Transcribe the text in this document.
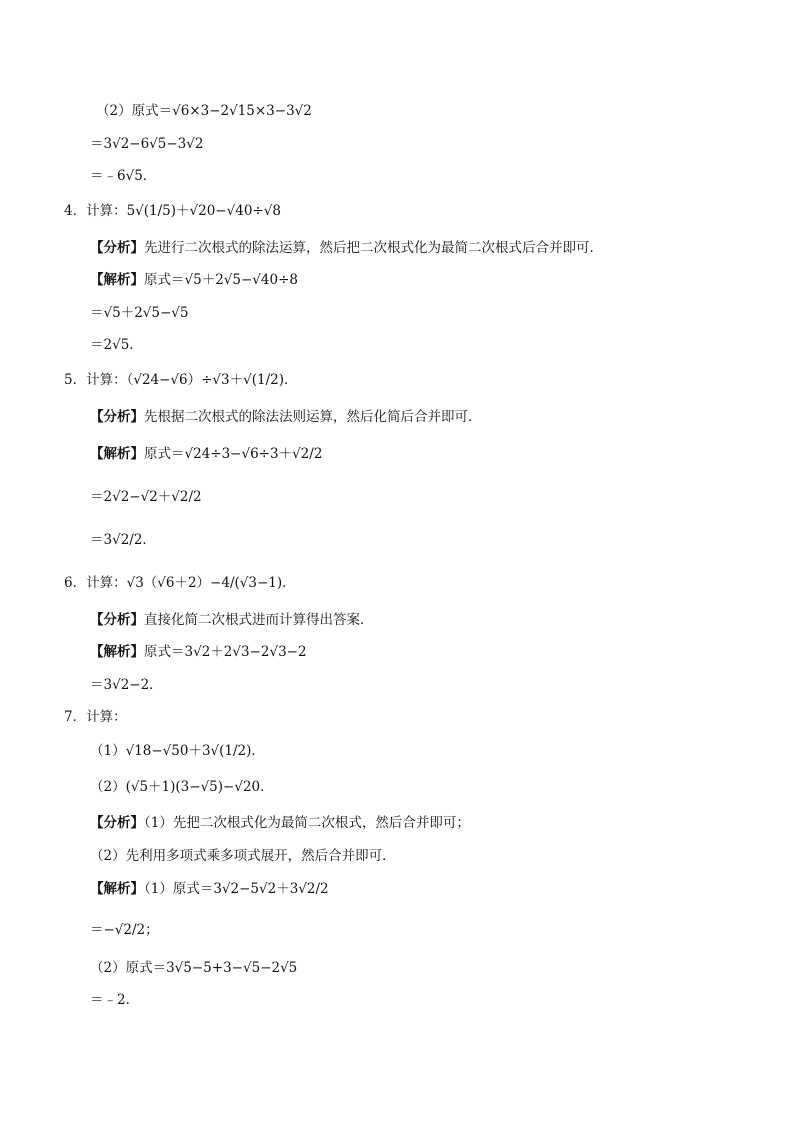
（2）原式＝√6×3−2√15×3−3√2
＝3√2−6√5−3√2
＝﹣6√5．
4．计算：5√(1/5)＋√20−√40÷√8
【分析】先进行二次根式的除法运算，然后把二次根式化为最简二次根式后合并即可．
【解析】原式＝√5＋2√5−√40÷8
＝√5＋2√5−√5
＝2√5．
5．计算：（√24−√6）÷√3＋√(1/2)．
【分析】先根据二次根式的除法法则运算，然后化简后合并即可．
【解析】原式＝√24÷3−√6÷3＋√2/2
＝2√2−√2＋√2/2
＝3√2/2．
6．计算：√3（√6＋2）−4/(√3−1)．
【分析】直接化简二次根式进而计算得出答案．
【解析】原式＝3√2＋2√3−2√3−2
＝3√2−2．
7．计算：
（1）√18−√50＋3√(1/2)．
（2）(√5＋1)(3−√5)−√20．
【分析】（1）先把二次根式化为最简二次根式，然后合并即可；
（2）先利用多项式乘多项式展开，然后合并即可．
【解析】（1）原式＝3√2−5√2＋3√2/2
＝−√2/2；
（2）原式＝3√5−5+3−√5−2√5
＝﹣2．
